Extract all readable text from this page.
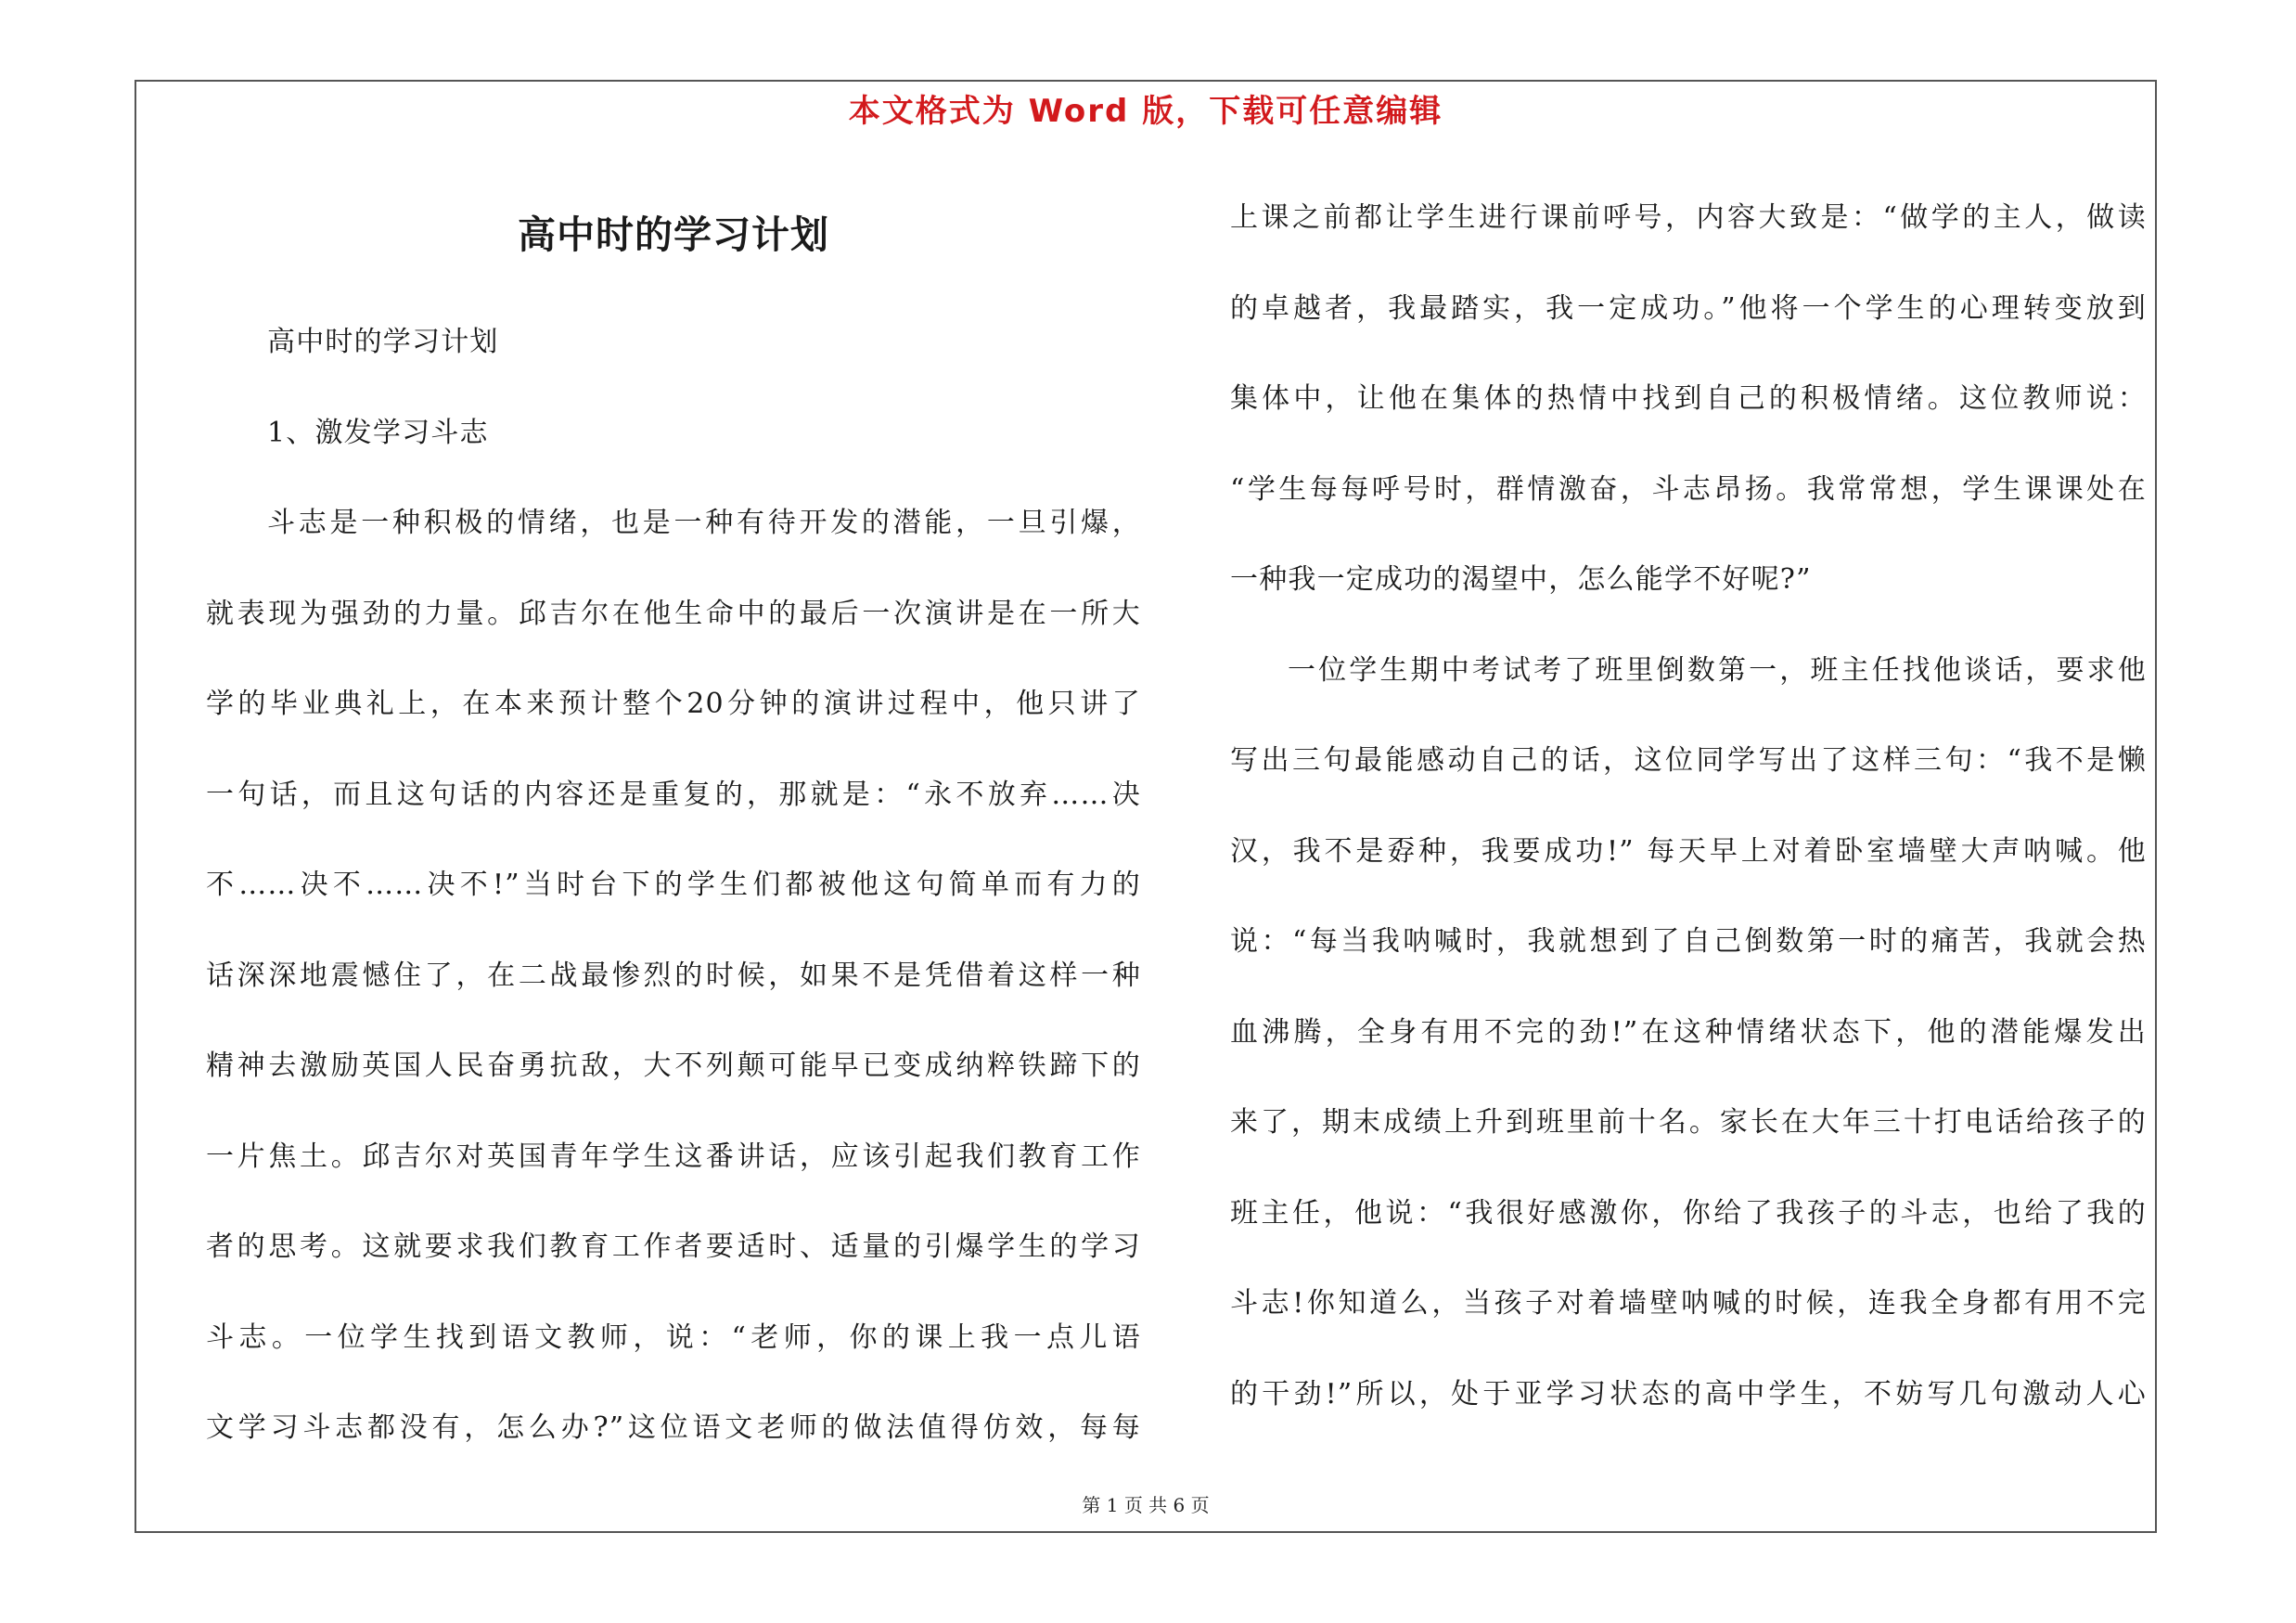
本文格式为 Word 版，下载可任意编辑
高中时的学习计划
高中时的学习计划
1、激发学习斗志
斗志是一种积极的情绪，也是一种有待开发的潜能，一旦引爆，
就表现为强劲的力量。邱吉尔在他生命中的最后一次演讲是在一所大
学的毕业典礼上，在本来预计整个20分钟的演讲过程中，他只讲了
一句话，而且这句话的内容还是重复的，那就是：“永不放弃……决
不……决不……决不!”当时台下的学生们都被他这句简单而有力的
话深深地震憾住了，在二战最惨烈的时候，如果不是凭借着这样一种
精神去激励英国人民奋勇抗敌，大不列颠可能早已变成纳粹铁蹄下的
一片焦土。邱吉尔对英国青年学生这番讲话，应该引起我们教育工作
者的思考。这就要求我们教育工作者要适时、适量的引爆学生的学习
斗志。一位学生找到语文教师，说：“老师，你的课上我一点儿语
文学习斗志都没有，怎么办?”这位语文老师的做法值得仿效，每每
上课之前都让学生进行课前呼号，内容大致是：“做学的主人，做读
的卓越者，我最踏实，我一定成功。”他将一个学生的心理转变放到
集体中，让他在集体的热情中找到自己的积极情绪。这位教师说：
“学生每每呼号时，群情激奋，斗志昂扬。我常常想，学生课课处在
一种我一定成功的渴望中，怎么能学不好呢?”
一位学生期中考试考了班里倒数第一，班主任找他谈话，要求他
写出三句最能感动自己的话，这位同学写出了这样三句：“我不是懒
汉，我不是孬种，我要成功!” 每天早上对着卧室墙壁大声呐喊。他
说：“每当我呐喊时，我就想到了自己倒数第一时的痛苦，我就会热
血沸腾，全身有用不完的劲!”在这种情绪状态下，他的潜能爆发出
来了，期末成绩上升到班里前十名。家长在大年三十打电话给孩子的
班主任，他说：“我很好感激你，你给了我孩子的斗志，也给了我的
斗志!你知道么，当孩子对着墙壁呐喊的时候，连我全身都有用不完
的干劲!”所以，处于亚学习状态的高中学生，不妨写几句激动人心
第 1 页 共 6 页
